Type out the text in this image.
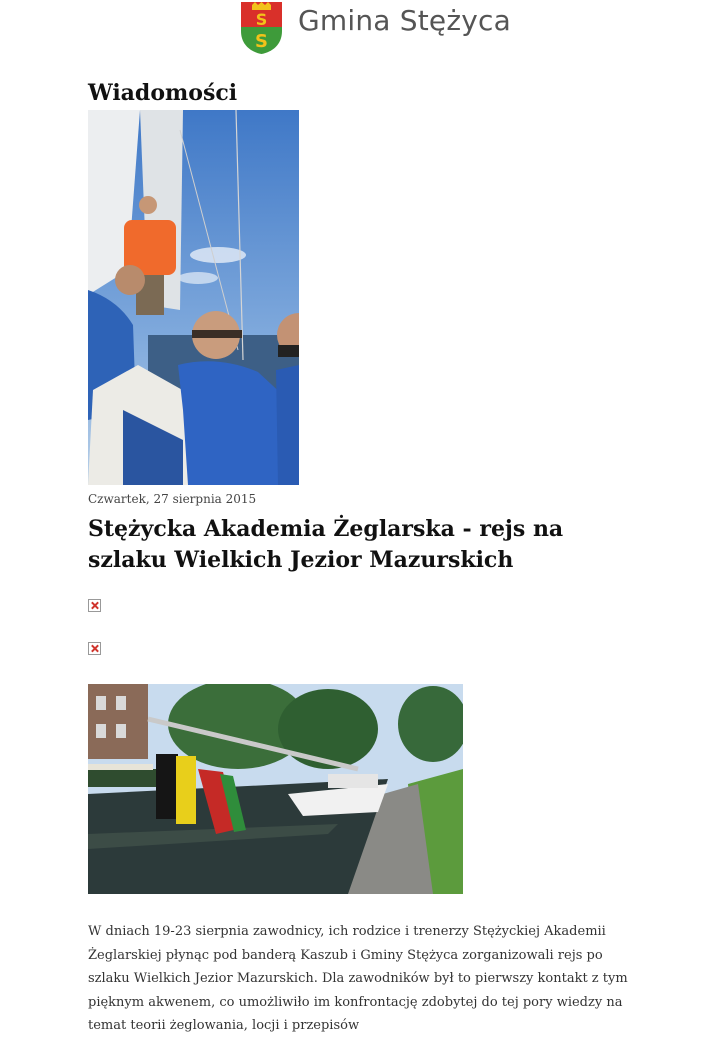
S
S
Gmina Stężyca
Wiadomości
Czwartek, 27 sierpnia 2015
Stężycka Akademia Żeglarska - rejs na szlaku Wielkich Jezior Mazurskich

W dniach 19-23 sierpnia zawodnicy, ich rodzice i trenerzy Stężyckiej Akademii Żeglarskiej płynąc pod banderą Kaszub i Gminy Stężyca zorganizowali rejs po szlaku Wielkich Jezior Mazurskich. Dla zawodników był to pierwszy kontakt z tym pięknym akwenem, co umożliwiło im konfrontację zdobytej do tej pory wiedzy na temat teorii żeglowania, locji i przepisów
